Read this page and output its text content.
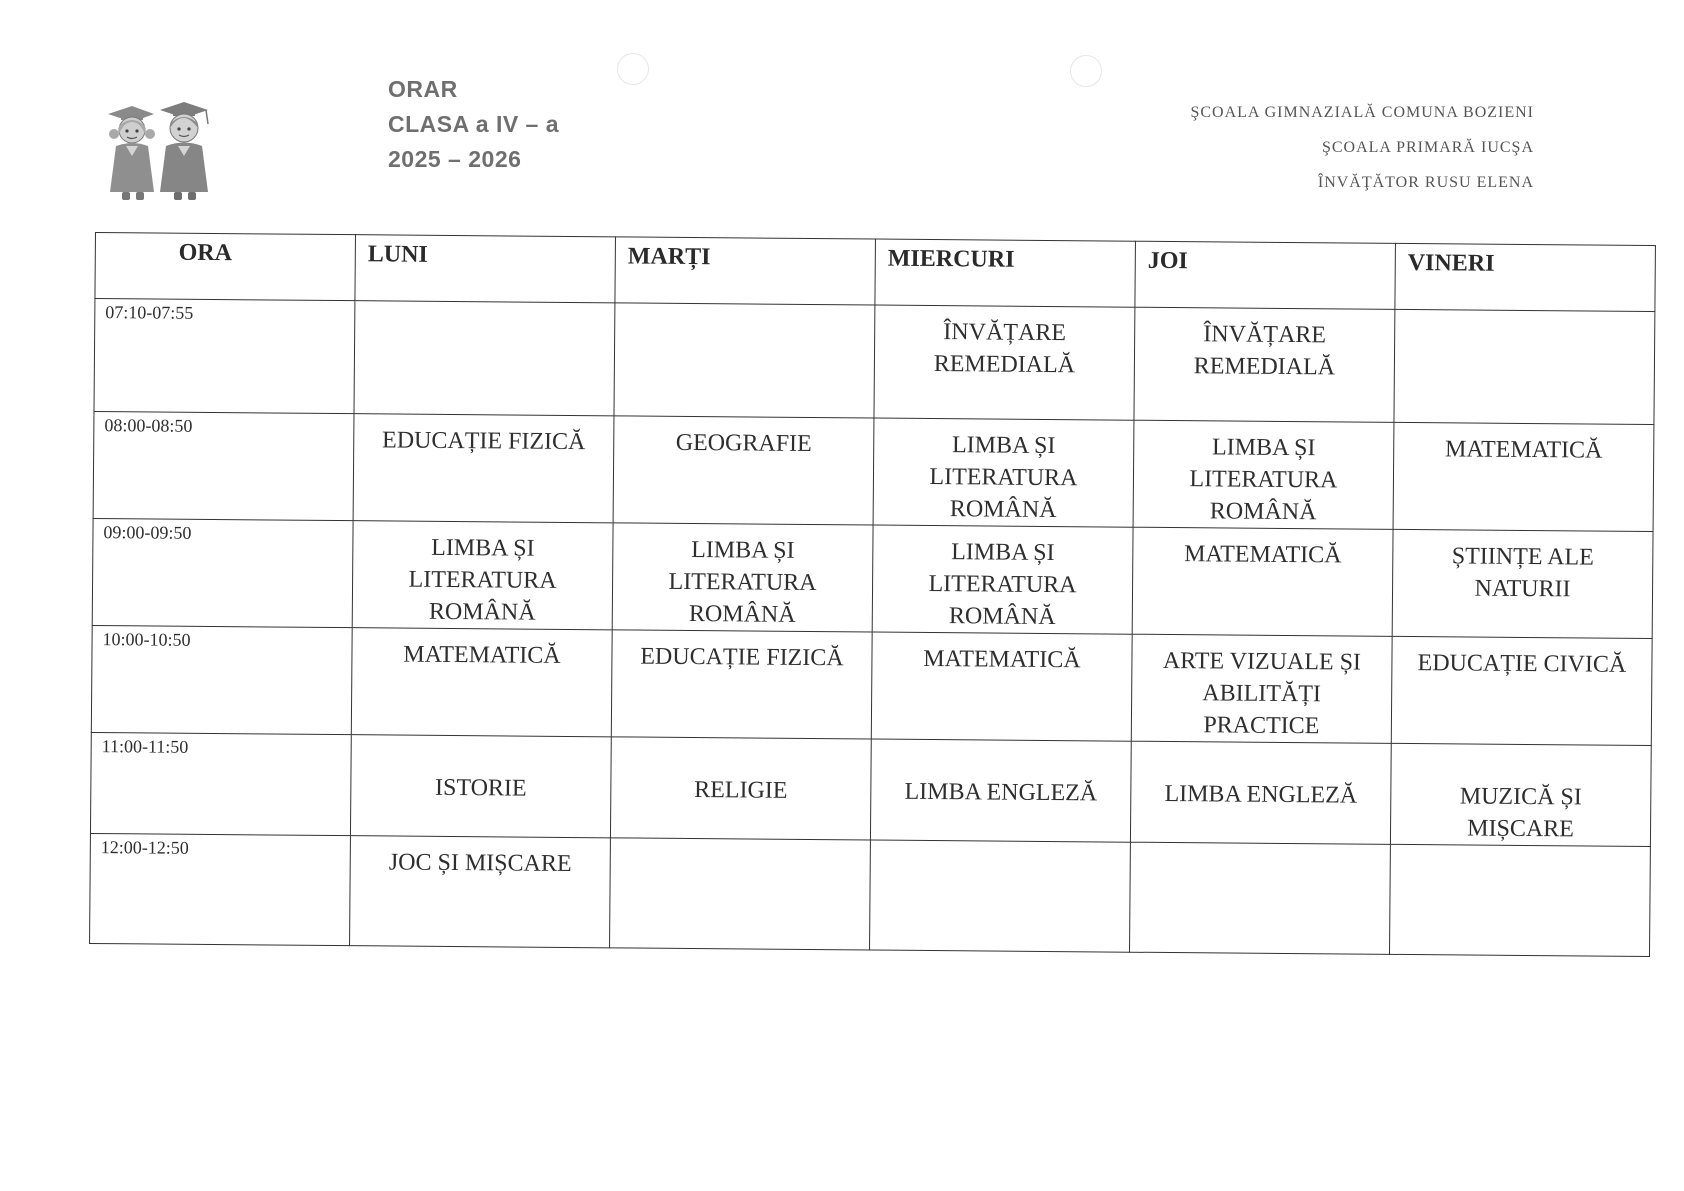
ORAR
CLASA a IV – a
2025 – 2026
ŞCOALA GIMNAZIALĂ COMUNA BOZIENI
ŞCOALA PRIMARĂ IUCŞA
ÎNVĂŢĂTOR RUSU ELENA
ORA	LUNI	MARȚI	MIERCURI	JOI	VINERI
07:10-07:55			ÎNVĂȚARE REMEDIALĂ	ÎNVĂȚARE REMEDIALĂ	

08:00-08:50	EDUCAȚIE FIZICĂ	GEOGRAFIE	LIMBA ȘI LITERATURA ROMÂNĂ	LIMBA ȘI LITERATURA ROMÂNĂ	MATEMATICĂ

09:00-09:50	LIMBA ȘI LITERATURA ROMÂNĂ	LIMBA ȘI LITERATURA ROMÂNĂ	LIMBA ȘI LITERATURA ROMÂNĂ	MATEMATICĂ	ȘTIINȚE ALE NATURII

10:00-10:50	MATEMATICĂ	EDUCAȚIE FIZICĂ	MATEMATICĂ	ARTE VIZUALE ȘI ABILITĂȚI PRACTICE	EDUCAȚIE CIVICĂ

11:00-11:50	ISTORIE	RELIGIE	LIMBA ENGLEZĂ	LIMBA ENGLEZĂ	MUZICĂ ȘI MIȘCARE

12:00-12:50	JOC ȘI MIȘCARE				
